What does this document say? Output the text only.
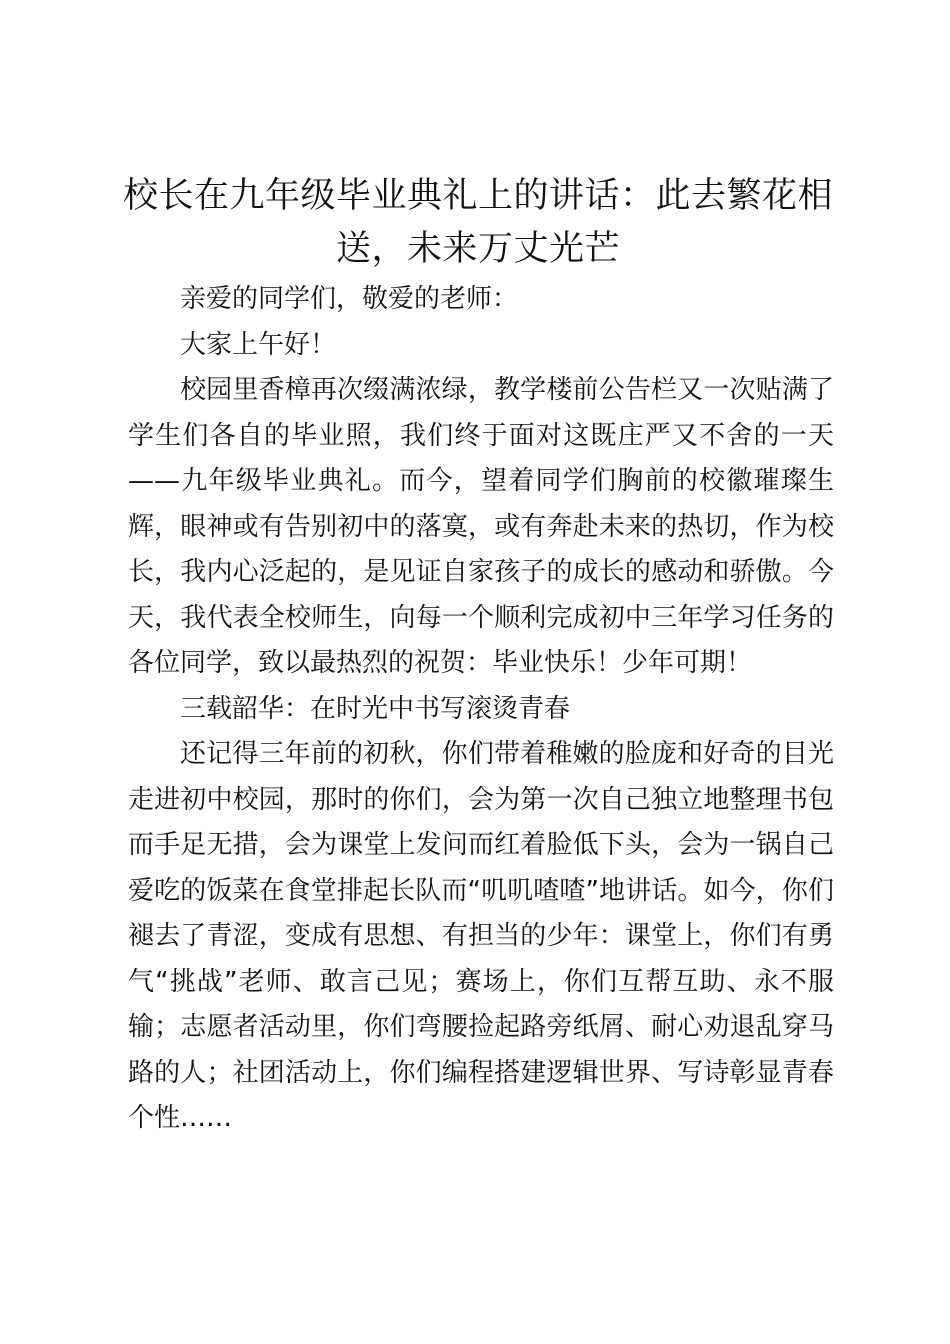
校长在九年级毕业典礼上的讲话：此去繁花相送，未来万丈光芒

亲爱的同学们，敬爱的老师：

大家上午好！

校园里香樟再次缀满浓绿，教学楼前公告栏又一次贴满了学生们各自的毕业照，我们终于面对这既庄严又不舍的一天——九年级毕业典礼。而今，望着同学们胸前的校徽璀璨生辉，眼神或有告别初中的落寞，或有奔赴未来的热切，作为校长，我内心泛起的，是见证自家孩子的成长的感动和骄傲。今天，我代表全校师生，向每一个顺利完成初中三年学习任务的各位同学，致以最热烈的祝贺：毕业快乐！少年可期！

三载韶华：在时光中书写滚烫青春

还记得三年前的初秋，你们带着稚嫩的脸庞和好奇的目光走进初中校园，那时的你们，会为第一次自己独立地整理书包而手足无措，会为课堂上发问而红着脸低下头，会为一锅自己爱吃的饭菜在食堂排起长队而“叽叽喳喳”地讲话。如今，你们褪去了青涩，变成有思想、有担当的少年：课堂上，你们有勇气“挑战”老师、敢言己见；赛场上，你们互帮互助、永不服输；志愿者活动里，你们弯腰捡起路旁纸屑、耐心劝退乱穿马路的人；社团活动上，你们编程搭建逻辑世界、写诗彰显青春个性……
